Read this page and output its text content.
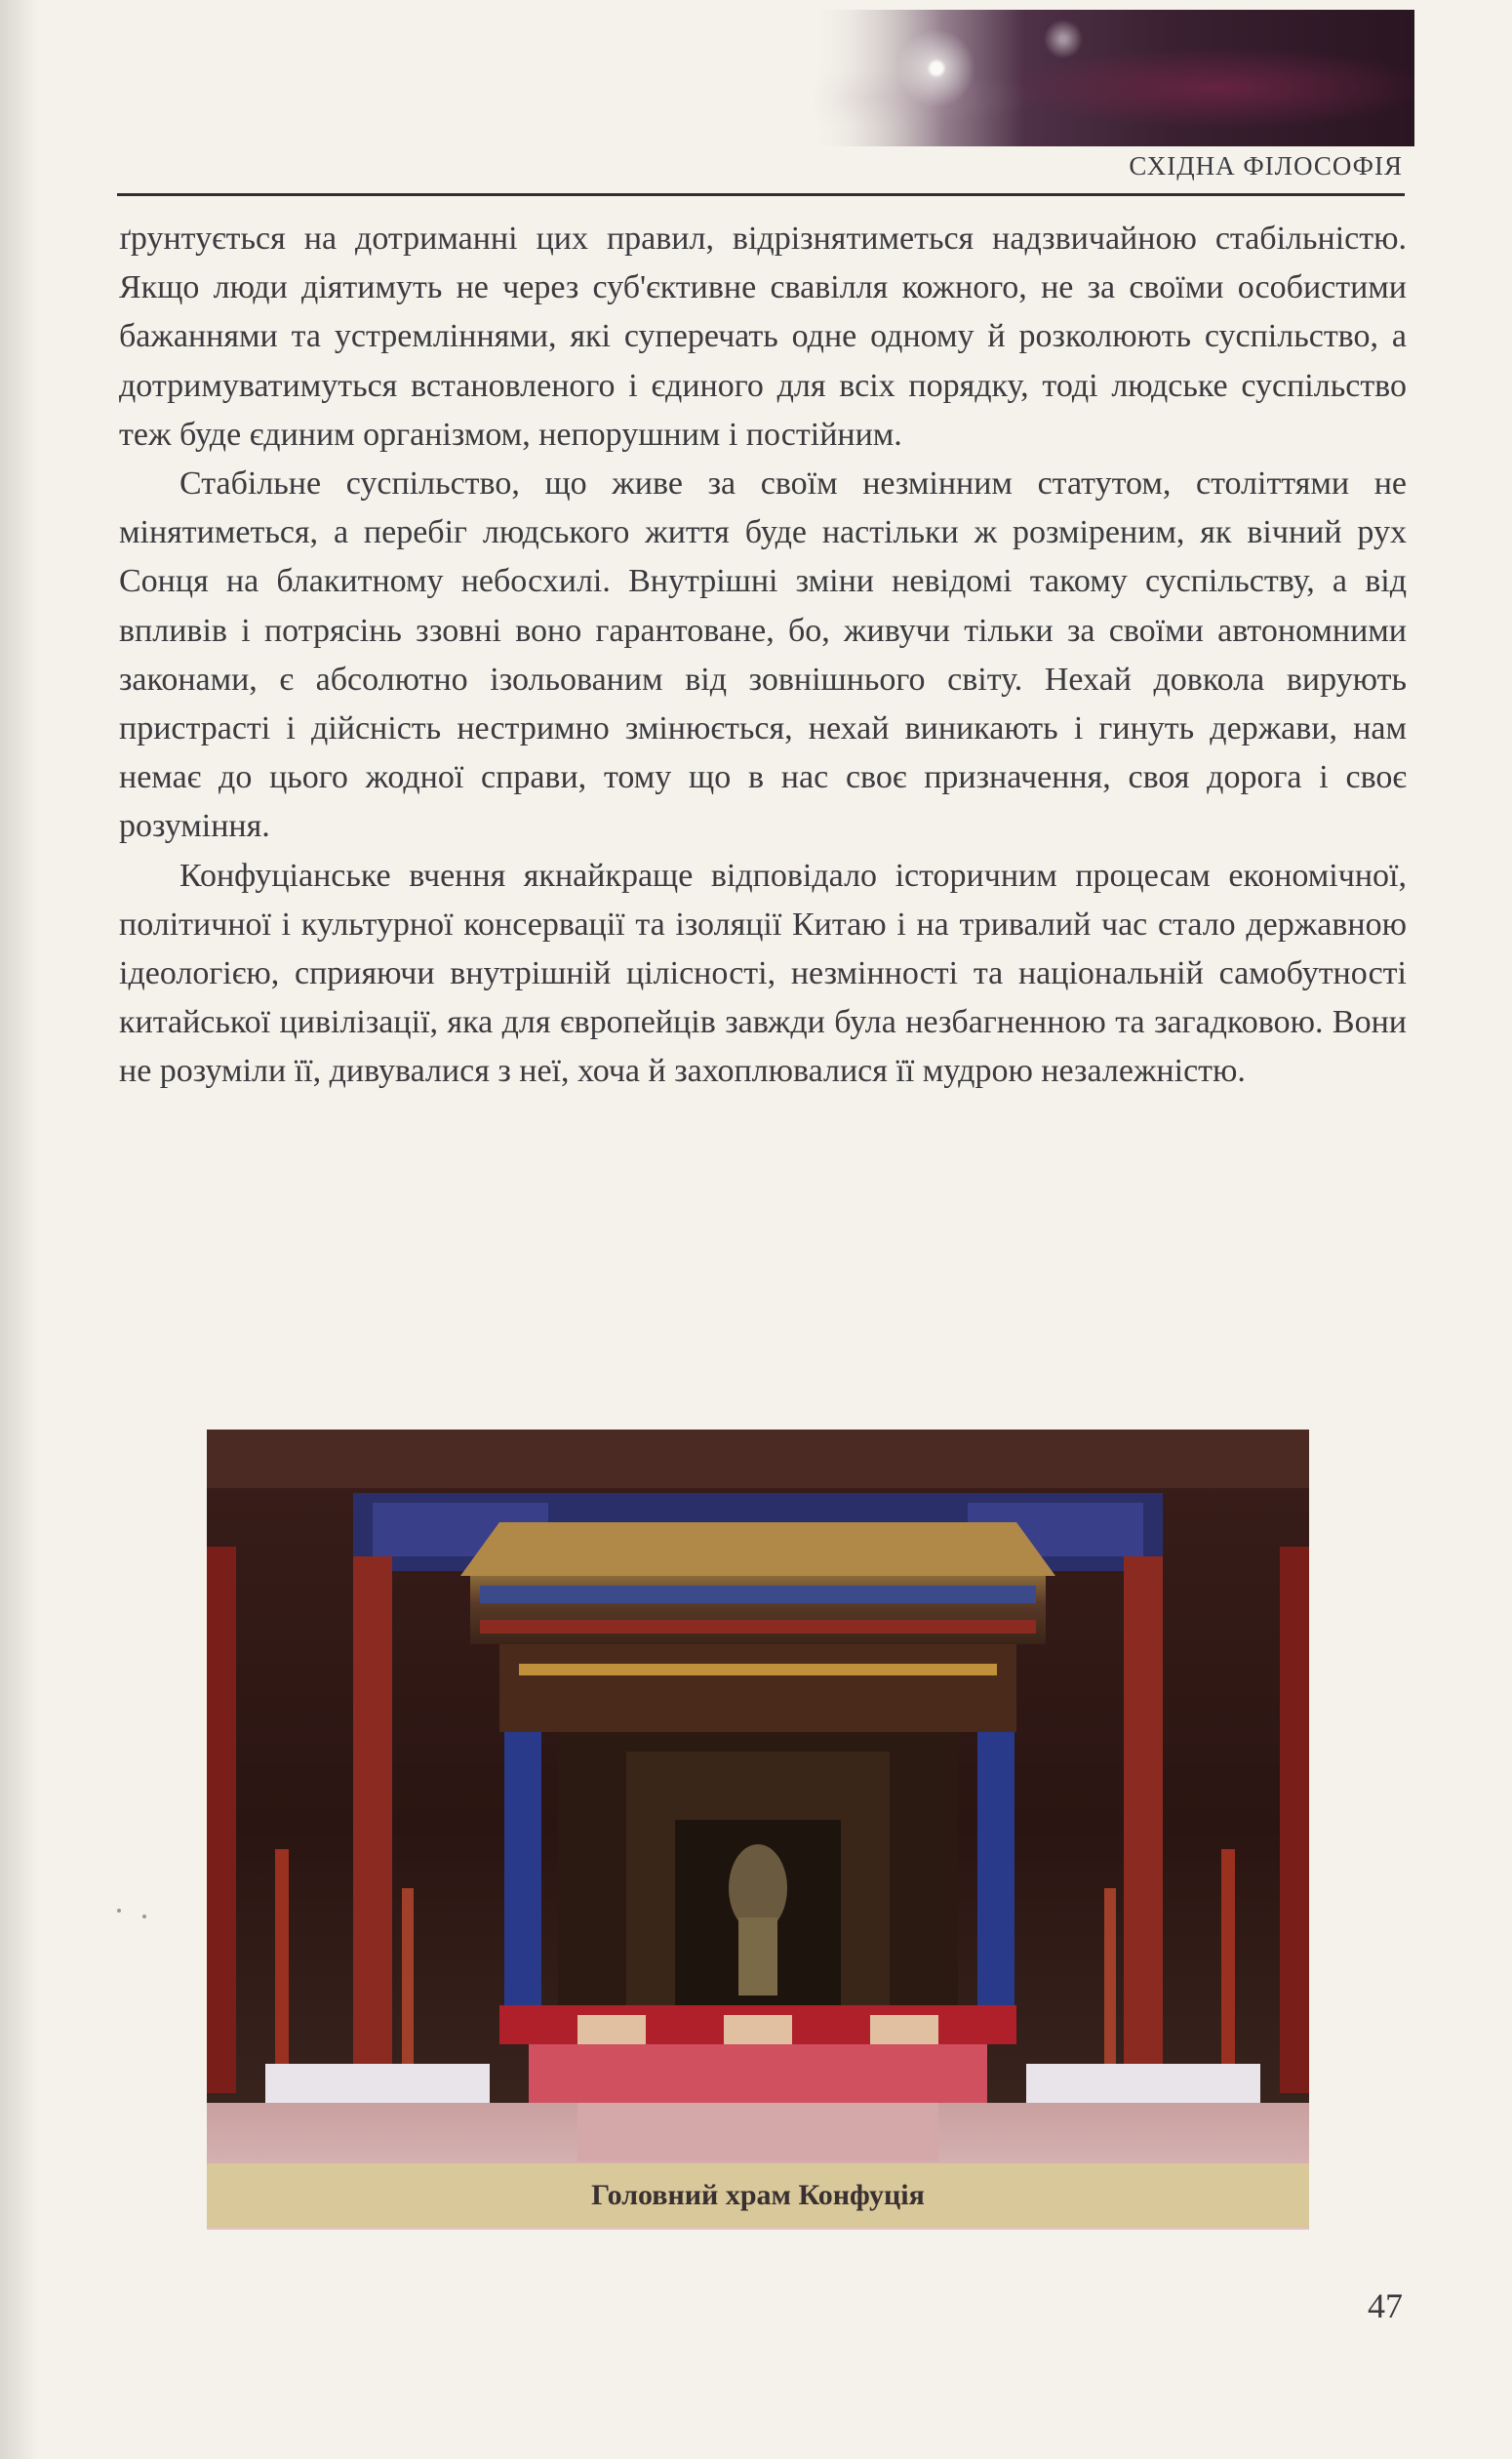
СХІДНА ФІЛОСОФІЯ

ґрунтується на дотриманні цих правил, відрізнятиметься надзвичайною стабільністю. Якщо люди діятимуть не через суб'єктивне свавілля кожного, не за своїми особистими бажаннями та устремліннями, які суперечать одне одному й розколюють суспільство, а дотримуватимуться встановленого і єдиного для всіх порядку, тоді людське суспільство теж буде єдиним організмом, непорушним і постійним.

Стабільне суспільство, що живе за своїм незмінним статутом, століттями не мінятиметься, а перебіг людського життя буде настільки ж розміреним, як вічний рух Сонця на блакитному небосхилі. Внутрішні зміни невідомі такому суспільству, а від впливів і потрясінь ззовні воно гарантоване, бо, живучи тільки за своїми автономними законами, є абсолютно ізольованим від зовнішнього світу. Нехай довкола вирують пристрасті і дійсність нестримно змінюється, нехай виникають і гинуть держави, нам немає до цього жодної справи, тому що в нас своє призначення, своя дорога і своє розуміння.

Конфуціанське вчення якнайкраще відповідало історичним процесам економічної, політичної і культурної консервації та ізоляції Китаю і на тривалий час стало державною ідеологією, сприяючи внутрішній цілісності, незмінності та національній самобутності китайської цивілізації, яка для європейців завжди була незбагненною та загадковою. Вони не розуміли її, дивувалися з неї, хоча й захоплювалися її мудрою незалежністю.

Головний храм Конфуція
47
